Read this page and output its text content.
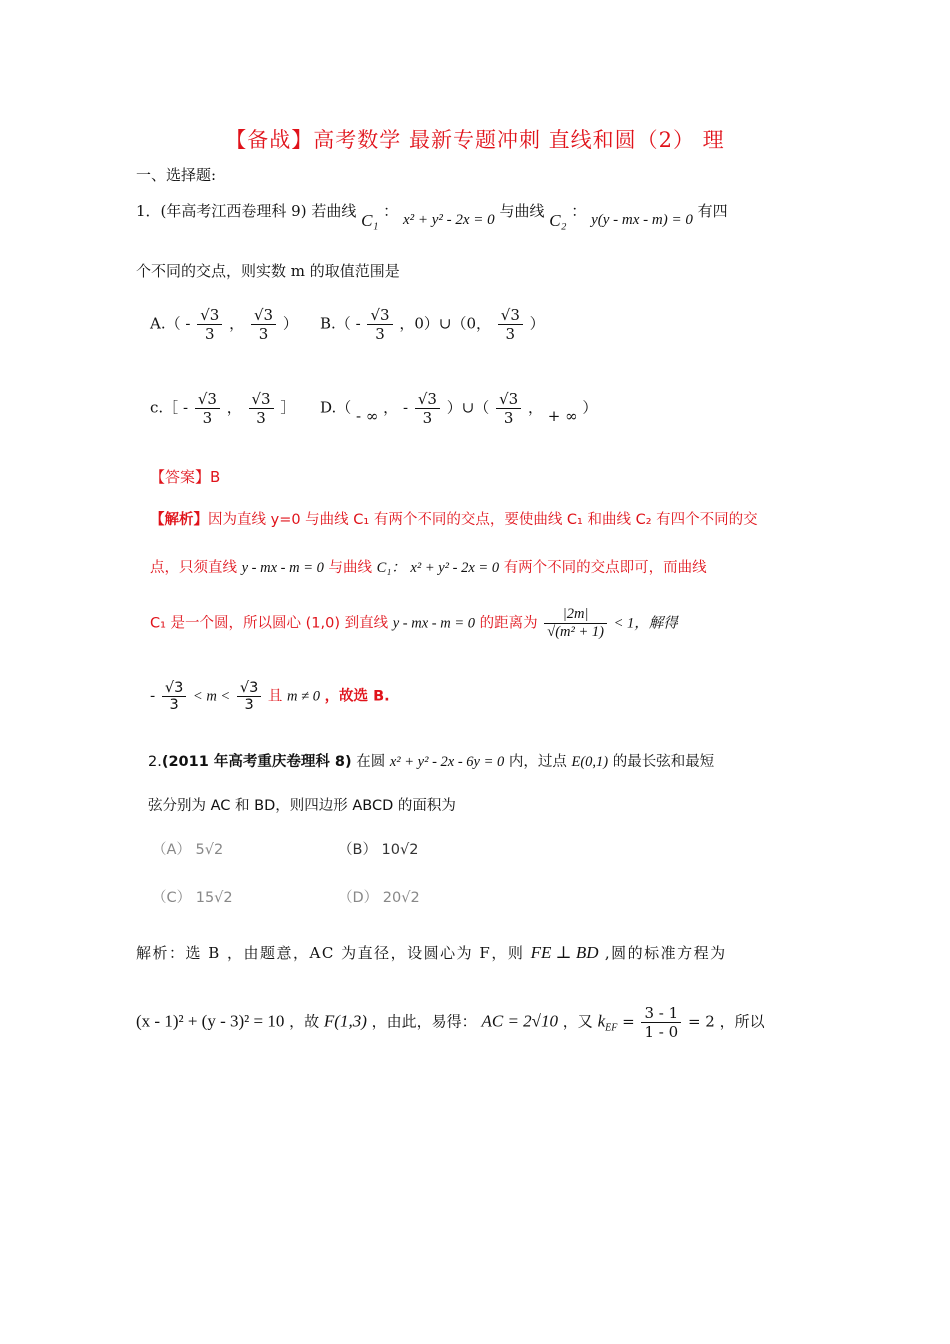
【备战】高考数学 最新专题冲刺 直线和圆（2） 理
一、选择题:
1．(年高考江西卷理科 9) 若曲线 C₁ ： x² + y² - 2x = 0 与曲线 C₂ ： y(y - mx - m) = 0 有四
个不同的交点，则实数 m 的取值范围是
$A.( - \frac{√3}{3}$ ， $\frac{√3}{3}$ ） $B.( - \frac{√3}{3}$ ，0）∪（0， $\frac{√3}{3}$ ）
c.［ - $\frac{√3}{3}$ ， $\frac{√3}{3}$ ］ D.（ - ∞ ， - $\frac{√3}{3}$ ）∪（ $\frac{√3}{3}$ ， + ∞ ）
【答案】B
【解析】因为直线 y=0 与曲线 C₁ 有两个不同的交点，要使曲线 C₁ 和曲线 C₂ 有四个不同的交
点，只须直线 y - mx - m = 0 与曲线 C₁： x² + y² - 2x = 0 有两个不同的交点即可，而曲线
C₁ 是一个圆，所以圆心 (1,0) 到直线 y - mx - m = 0 的距离为 $\frac{|2m|}{\text{√(m² + 1)}} < 1$，解得
- $\frac{√3}{3} < m < \frac{√3}{3}$ 且 m ≠ 0 ，故选 B.
2.(2011 年高考重庆卷理科 8) 在圆 x² + y² - 2x - 6y = 0 内，过点 E(0,1) 的最长弦和最短
弦分别为 AC 和 BD，则四边形 ABCD 的面积为
（A） 5√2	（B） 10√2
（C） 15√2	（D） 20√2
解析：选 B ，由题意，AC 为直径，设圆心为 F，则 FE ⊥ BD ,圆的标准方程为
(x - 1)² + (y - 3)² = 10 ，故 F(1,3) ，由此，易得： AC = 2√10 ，又 $k_{EF} = \frac{3 - 1}{1 - 0} = 2$ ，所以
